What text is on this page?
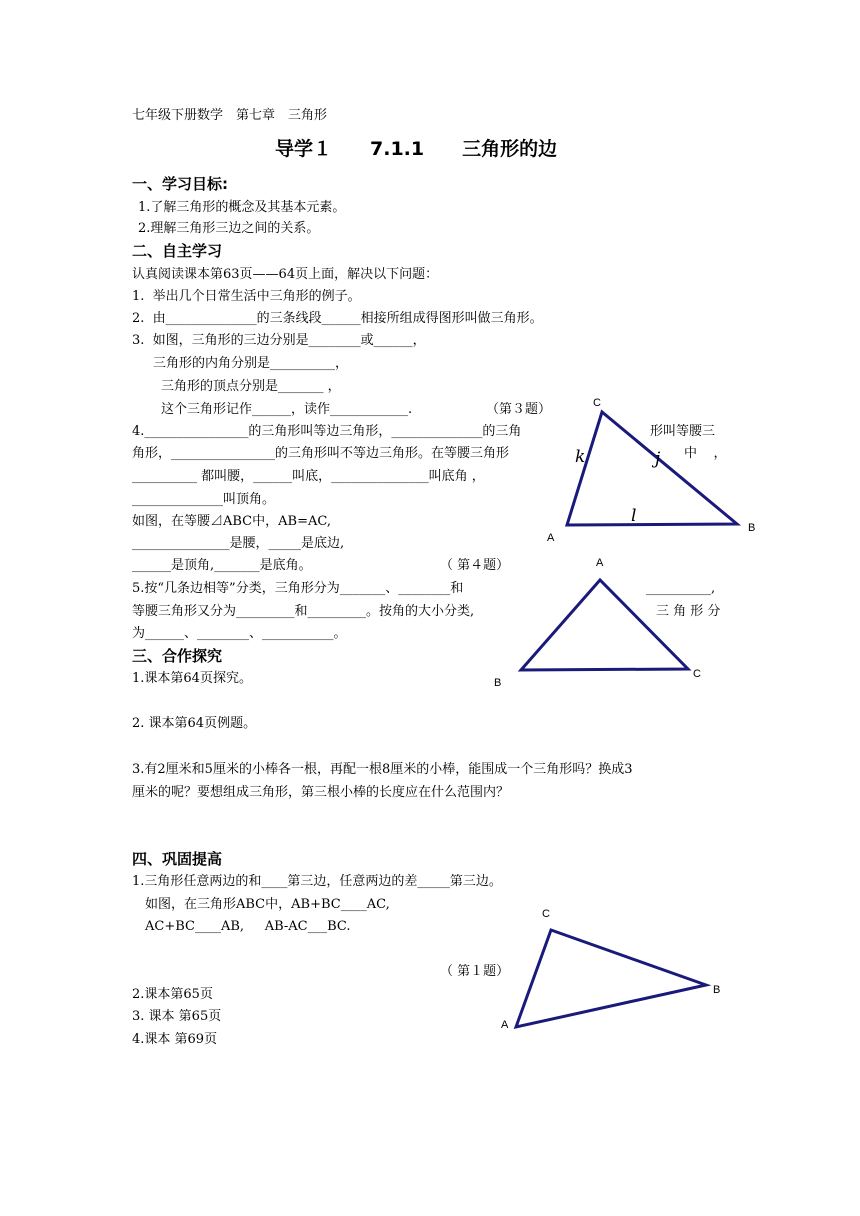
七年级下册数学　第七章　三角形
导学１　　7.1.1　　三角形的边
一、学习目标:
1.了解三角形的概念及其基本元素。
2.理解三角形三边之间的关系。
二、自主学习
认真阅读课本第63页——64页上面，解决以下问题：
1.  举出几个日常生活中三角形的例子。
2.  由______________的三条线段______相接所组成得图形叫做三角形。
3.  如图，三角形的三边分别是________或______，
三角形的内角分别是__________，
三角形的顶点分别是_______ ，
这个三角形记作______，读作____________.	（第３题）
4.________________的三角形叫等边三角形，______________的三角	形叫等腰三
角形，________________的三角形叫不等边三角形。在等腰三角形	中    ，
__________ 都叫腰，______叫底，_______________叫底角 ，
______________叫顶角。
如图，在等腰⊿ABC中，AB=AC,
_______________是腰，_____是底边,
______是顶角,_______是底角。	（ 第４题）
5.按“几条边相等”分类，三角形分为_______、________和	__________,
等腰三角形又分为_________和_________。按角的大小分类,	三 角 形 分
为______、________、___________。
三、合作探究
1.课本第64页探究。
2. 课本第64页例题。
3.有2厘米和5厘米的小棒各一根，再配一根8厘米的小棒，能围成一个三角形吗？换成3
厘米的呢？要想组成三角形，第三根小棒的长度应在什么范围内？
四、巩固提高
1.三角形任意两边的和____第三边，任意两边的差_____第三边。
如图，在三角形ABC中，AB+BC____AC,
AC+BC____AB,     AB-AC___BC.
（ 第１题）
2.课本第65页
3. 课本 第65页
4.课本 第69页
C
A
B
k	j
l
A
B
C
C
B
A
